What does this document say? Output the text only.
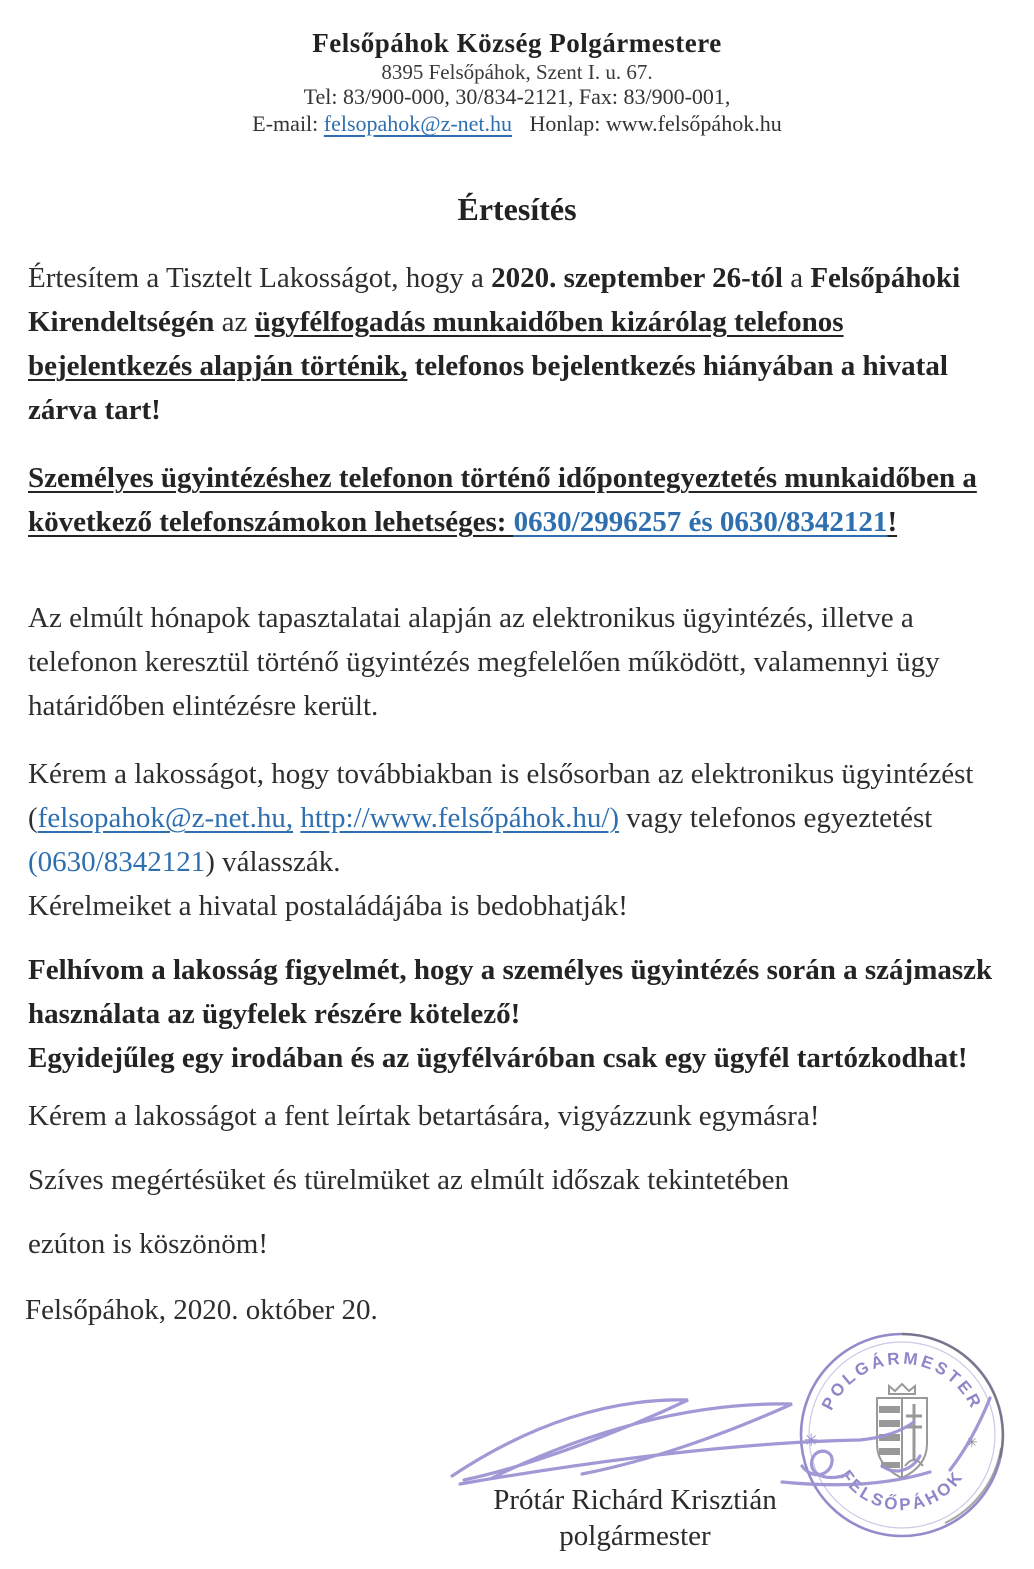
Felsőpáhok Község Polgármestere
8395 Felsőpáhok, Szent I. u. 67.
Tel: 83/900-000, 30/834-2121, Fax: 83/900-001,
E-mail: felsopahok@z-net.hu Honlap: www.felsőpáhok.hu
Értesítés

Értesítem a Tisztelt Lakosságot, hogy a 2020. szeptember 26-tól a Felsőpáhoki Kirendeltségén az ügyfélfogadás munkaidőben kizárólag telefonos bejelentkezés alapján történik, telefonos bejelentkezés hiányában a hivatal zárva tart!

Személyes ügyintézéshez telefonon történő időpontegyeztetés munkaidőben a következő telefonszámokon lehetséges: 0630/2996257 és 0630/8342121!

Az elmúlt hónapok tapasztalatai alapján az elektronikus ügyintézés, illetve a telefonon keresztül történő ügyintézés megfelelően működött, valamennyi ügy határidőben elintézésre került.

Kérem a lakosságot, hogy továbbiakban is elsősorban az elektronikus ügyintézést (felsopahok@z-net.hu, http://www.felsőpáhok.hu/) vagy telefonos egyeztetést (0630/8342121) válasszák.
Kérelmeiket a hivatal postaládájába is bedobhatják!

Felhívom a lakosság figyelmét, hogy a személyes ügyintézés során a szájmaszk használata az ügyfelek részére kötelező!
Egyidejűleg egy irodában és az ügyfélváróban csak egy ügyfél tartózkodhat!

Kérem a lakosságot a fent leírtak betartására, vigyázzunk egymásra!

Szíves megértésüket és türelmüket az elmúlt időszak tekintetében

ezúton is köszönöm!

Felsőpáhok, 2020. október 20.

POLGÁRMESTER
FELSŐPÁHOK
✳	✳
Prótár Richárd Krisztián
polgármester
